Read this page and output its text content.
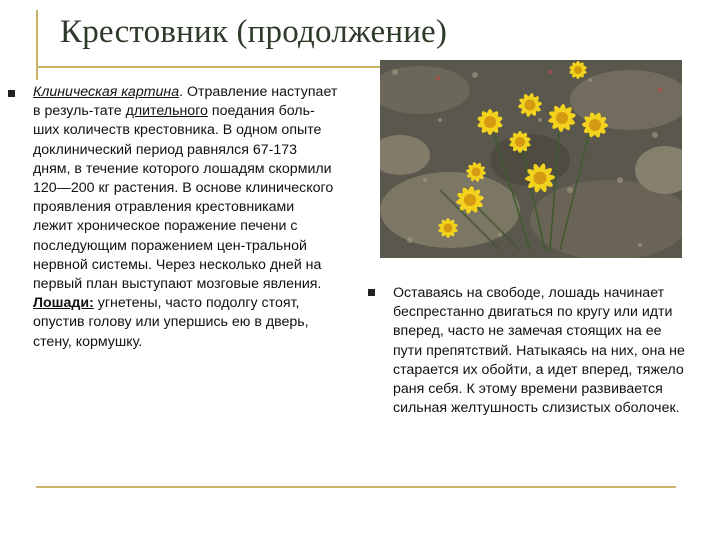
Крестовник (продолжение)
Клиническая картина. Отравление наступает в резуль-тате длительного поедания боль-ших количеств крестовника. В одном опыте доклинический период равнялся 67-173 дням, в течение которого лошадям скормили 120—200 кг растения. В основе клинического проявления отравления крестовниками лежит хроническое поражение печени с последующим поражением цен-тральной нервной системы. Через несколько дней на первый план выступают мозговые явления. Лошади: угнетены, часто подолгу стоят, опустив голову или упершись ею в дверь, стену, кормушку.
Оставаясь на свободе, лошадь начинает беспрестанно двигаться по кругу или идти вперед, часто не замечая стоящих на ее пути препятствий. Натыкаясь на них, она не старается их обойти, а идет вперед, тяжело раня себя. К этому времени развивается сильная желтушность слизистых оболочек.
